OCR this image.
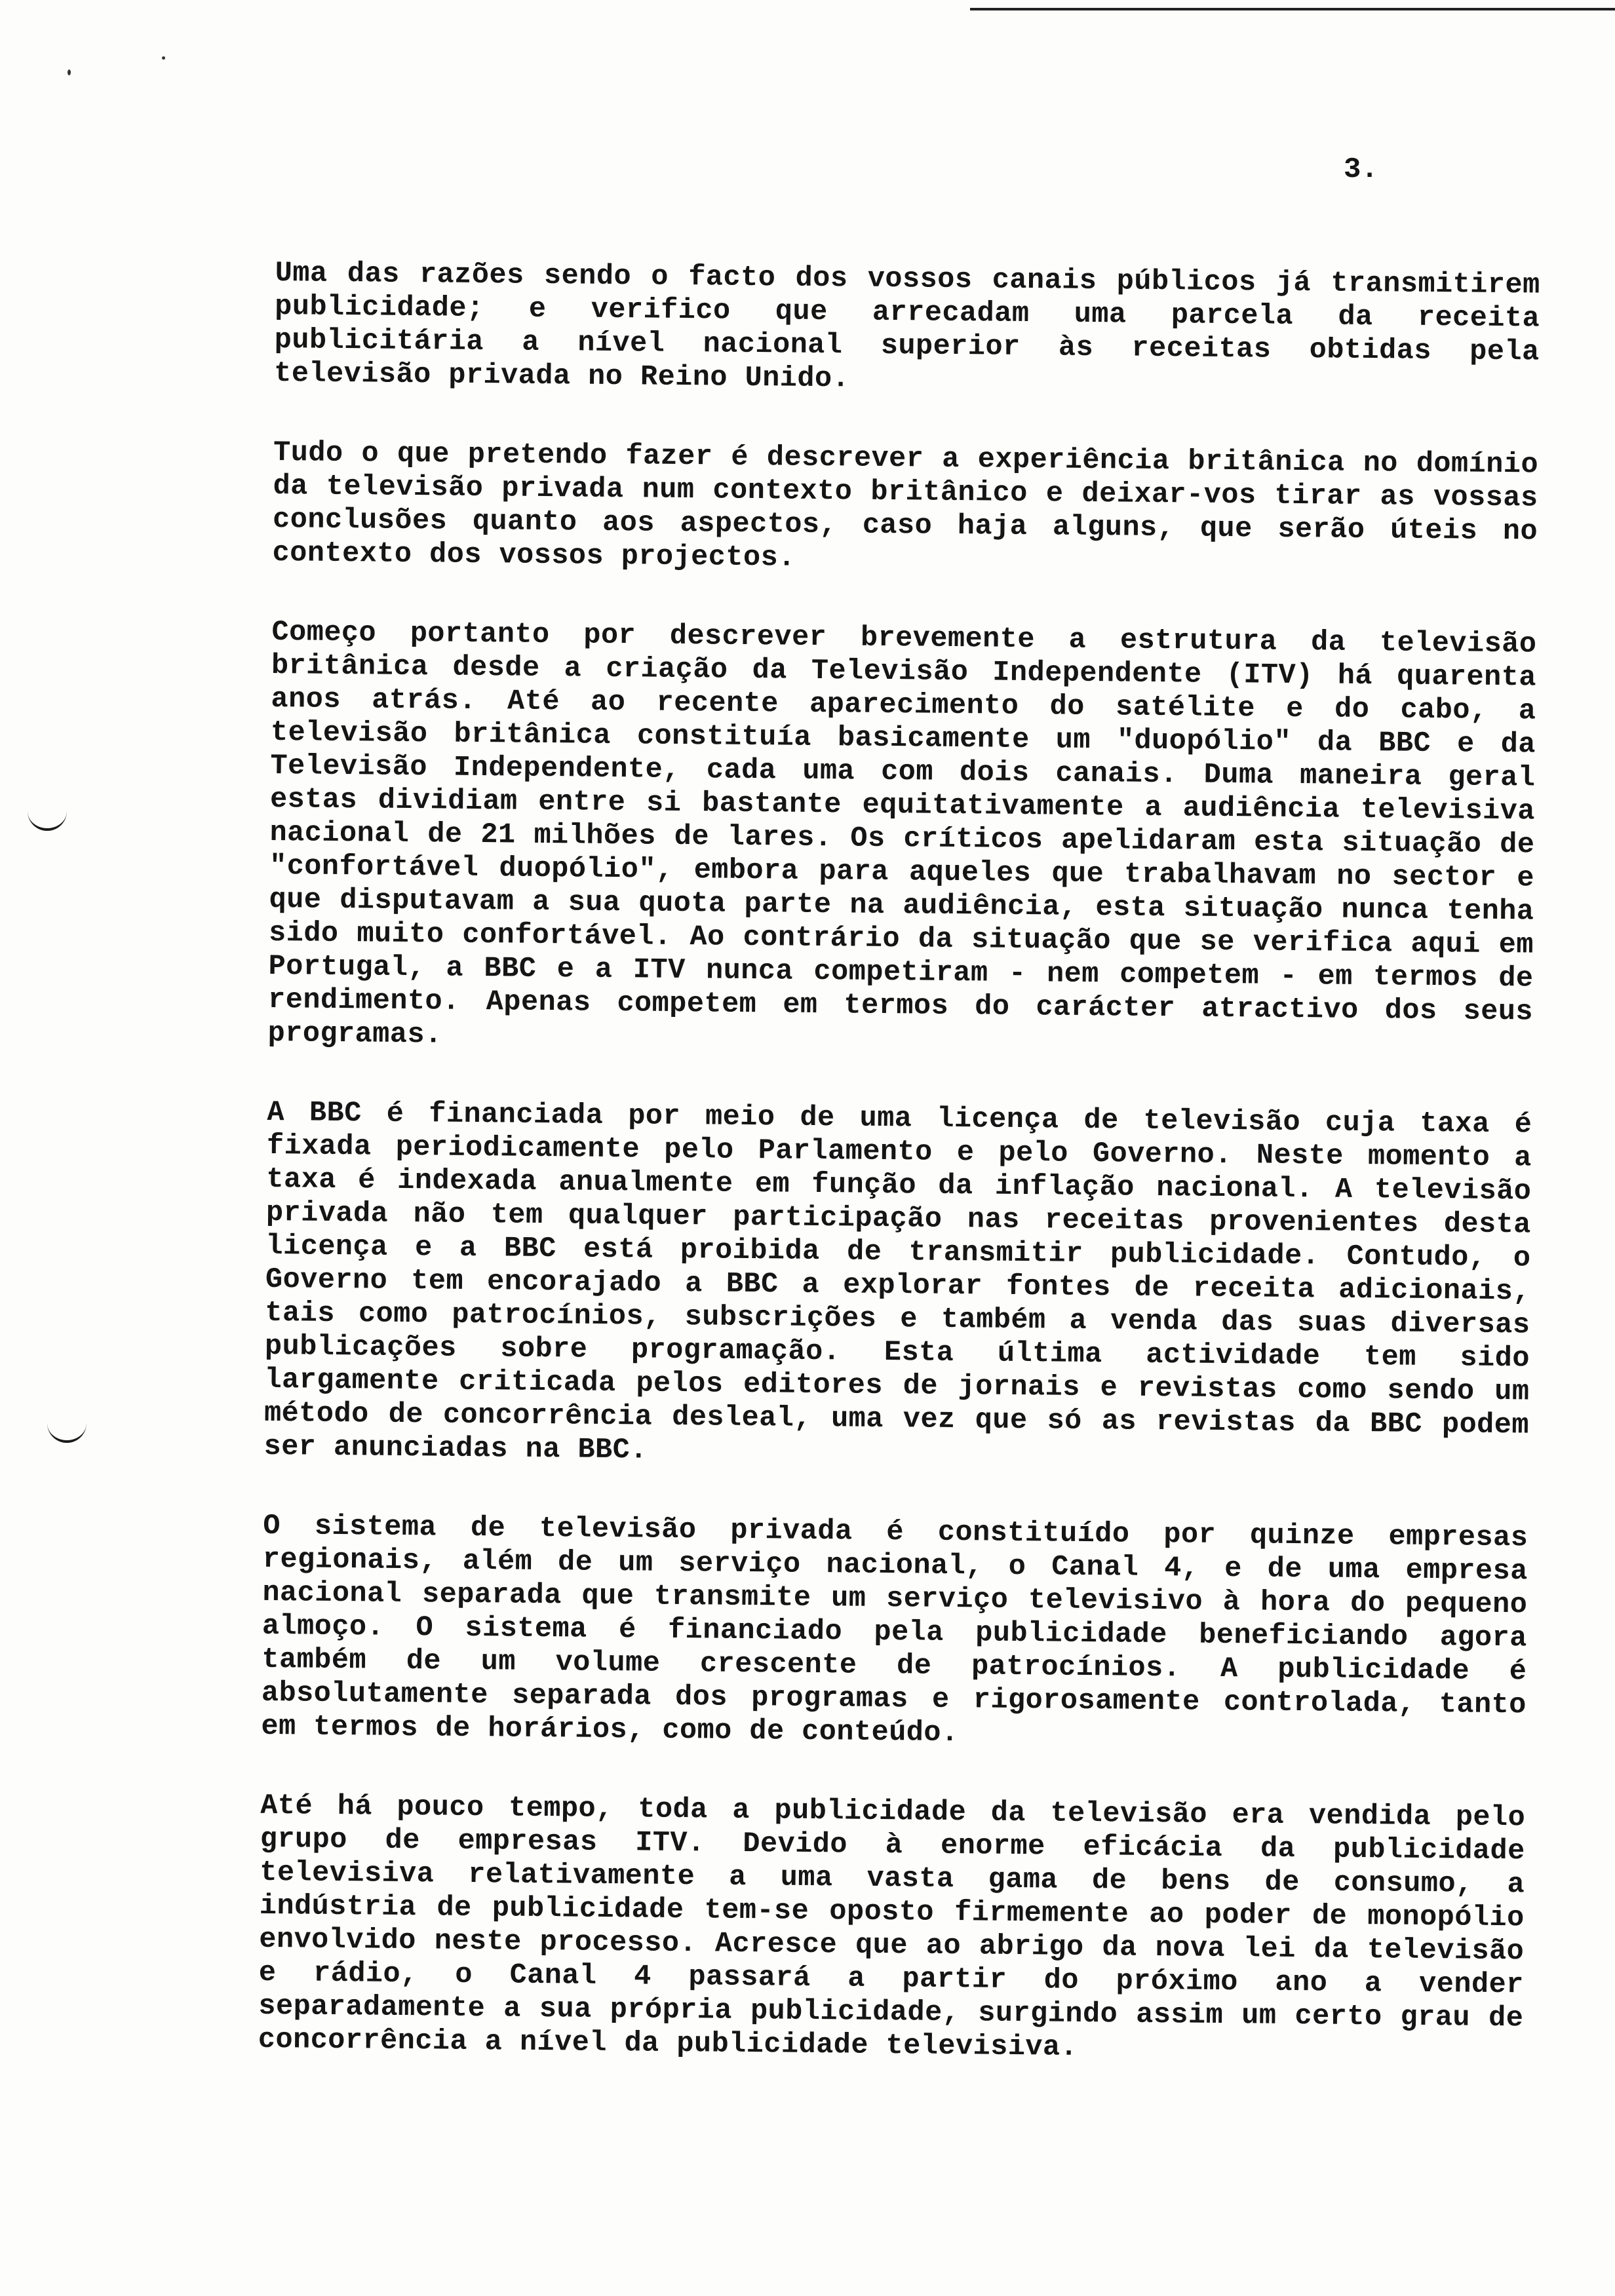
3.

Uma das razões sendo o facto dos vossos canais públicos já transmitirem publicidade; e verifico que arrecadam uma parcela da receita publicitária a nível nacional superior às receitas obtidas pela televisão privada no Reino Unido.

Tudo o que pretendo fazer é descrever a experiência britânica no domínio da televisão privada num contexto britânico e deixar-vos tirar as vossas conclusões quanto aos aspectos, caso haja alguns, que serão úteis no contexto dos vossos projectos.

Começo portanto por descrever brevemente a estrutura da televisão britânica desde a criação da Televisão Independente (ITV) há quarenta anos atrás. Até ao recente aparecimento do satélite e do cabo, a televisão britânica constituía basicamente um "duopólio" da BBC e da Televisão Independente, cada uma com dois canais. Duma maneira geral estas dividiam entre si bastante equitativamente a audiência televisiva nacional de 21 milhões de lares. Os críticos apelidaram esta situação de "confortável duopólio", embora para aqueles que trabalhavam no sector e que disputavam a sua quota parte na audiência, esta situação nunca tenha sido muito confortável. Ao contrário da situação que se verifica aqui em Portugal, a BBC e a ITV nunca competiram - nem competem - em termos de rendimento. Apenas competem em termos do carácter atractivo dos seus programas.

A BBC é financiada por meio de uma licença de televisão cuja taxa é fixada periodicamente pelo Parlamento e pelo Governo. Neste momento a taxa é indexada anualmente em função da inflação nacional. A televisão privada não tem qualquer participação nas receitas provenientes desta licença e a BBC está proibida de transmitir publicidade. Contudo, o Governo tem encorajado a BBC a explorar fontes de receita adicionais, tais como patrocínios, subscrições e também a venda das suas diversas publicações sobre programação. Esta última actividade tem sido largamente criticada pelos editores de jornais e revistas como sendo um método de concorrência desleal, uma vez que só as revistas da BBC podem ser anunciadas na BBC.

O sistema de televisão privada é constituído por quinze empresas regionais, além de um serviço nacional, o Canal 4, e de uma empresa nacional separada que transmite um serviço televisivo à hora do pequeno almoço. O sistema é financiado pela publicidade beneficiando agora também de um volume crescente de patrocínios. A publicidade é absolutamente separada dos programas e rigorosamente controlada, tanto em termos de horários, como de conteúdo.

Até há pouco tempo, toda a publicidade da televisão era vendida pelo grupo de empresas ITV. Devido à enorme eficácia da publicidade televisiva relativamente a uma vasta gama de bens de consumo, a indústria de publicidade tem-se oposto firmemente ao poder de monopólio envolvido neste processo. Acresce que ao abrigo da nova lei da televisão e rádio, o Canal 4 passará a partir do próximo ano a vender separadamente a sua própria publicidade, surgindo assim um certo grau de concorrência a nível da publicidade televisiva.
